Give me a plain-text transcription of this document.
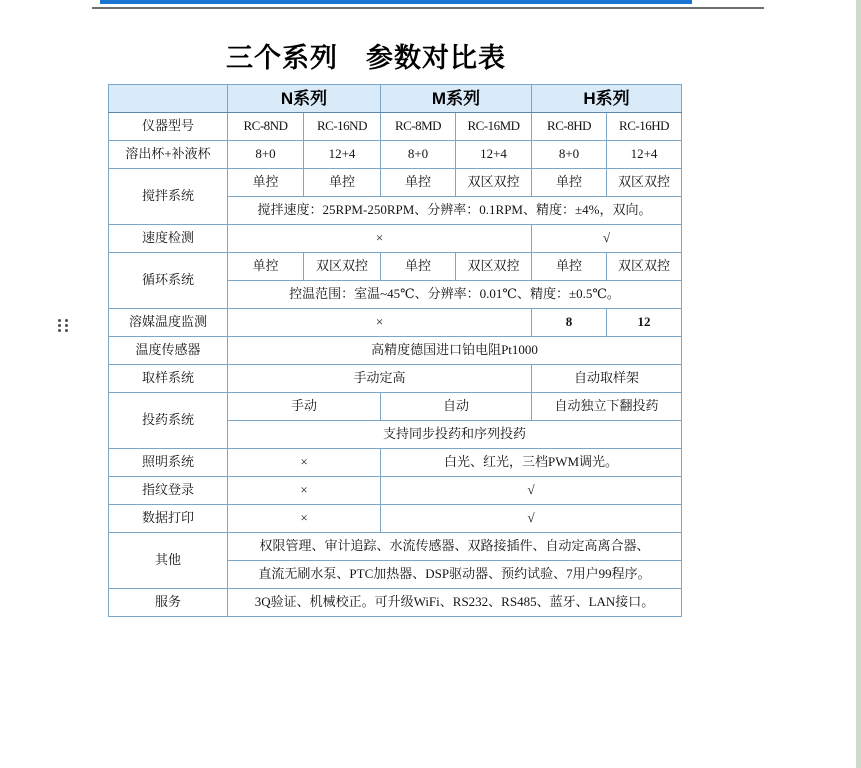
三个系列　参数对比表
	N系列		M系列		H系列	
仪器型号	RC-8ND	RC-16ND	RC-8MD	RC-16MD	RC-8HD	RC-16HD
溶出杯+补液杯	8+0	12+4	8+0	12+4	8+0	12+4
搅拌系统	单控	单控	单控	双区双控	单控	双区双控
	搅拌速度：25RPM-250RPM、分辨率：0.1RPM、精度：±4%，双向。					
速度检测	×				√	
循环系统	单控	双区双控	单控	双区双控	单控	双区双控
	控温范围：室温~45℃、分辨率：0.01℃、精度：±0.5℃。					
溶媒温度监测	×				8	12
温度传感器	高精度德国进口铂电阻Pt1000					
取样系统	手动定高				自动取样架	
投药系统	手动		自动		自动独立下翻投药	
	支持同步投药和序列投药					
照明系统	×		白光、红光，三档PWM调光。			
指纹登录	×		√			
数据打印	×		√			
其他	权限管理、审计追踪、水流传感器、双路接插件、自动定高离合器、					
	直流无刷水泵、PTC加热器、DSP驱动器、预约试验、7用户99程序。					
服务	3Q验证、机械校正。可升级WiFi、RS232、RS485、蓝牙、LAN接口。					
